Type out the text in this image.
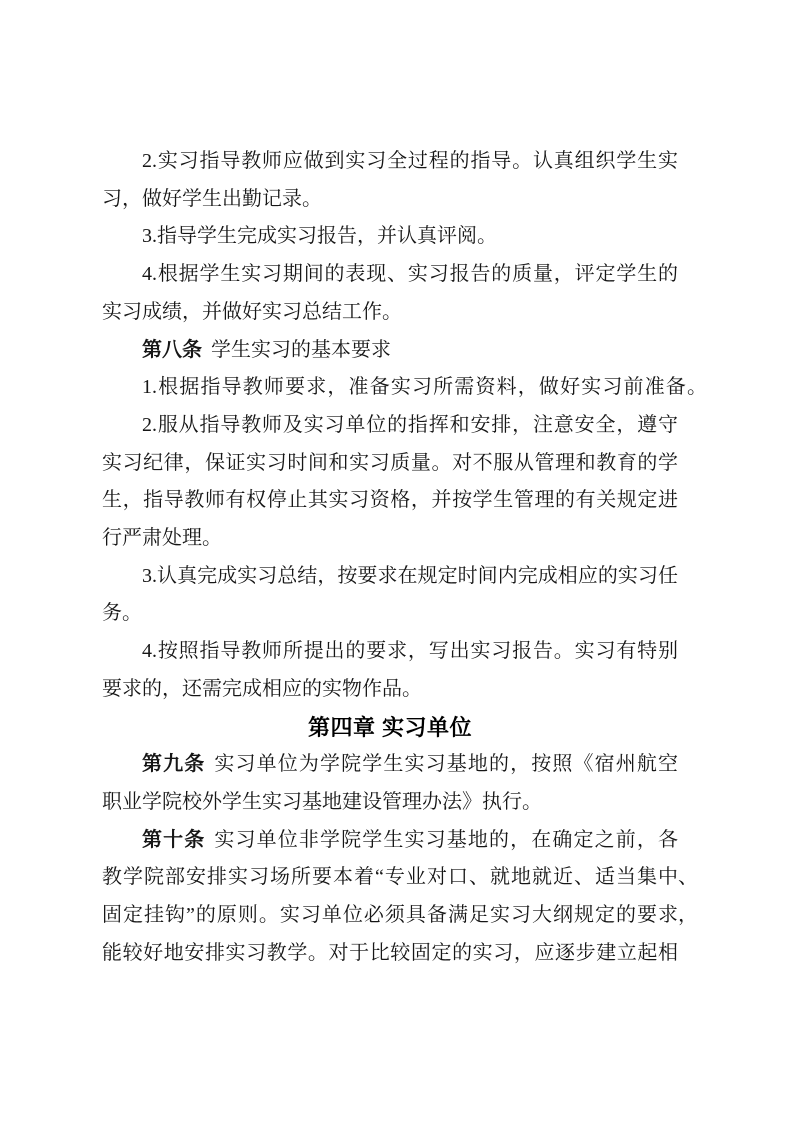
2.实习指导教师应做到实习全过程的指导。认真组织学生实
习，做好学生出勤记录。
3.指导学生完成实习报告，并认真评阅。
4.根据学生实习期间的表现、实习报告的质量，评定学生的
实习成绩，并做好实习总结工作。
第八条 学生实习的基本要求
1.根据指导教师要求，准备实习所需资料，做好实习前准备。
2.服从指导教师及实习单位的指挥和安排，注意安全，遵守
实习纪律，保证实习时间和实习质量。对不服从管理和教育的学
生，指导教师有权停止其实习资格，并按学生管理的有关规定进
行严肃处理。
3.认真完成实习总结，按要求在规定时间内完成相应的实习任
务。
4.按照指导教师所提出的要求，写出实习报告。实习有特别
要求的，还需完成相应的实物作品。
第四章 实习单位
第九条 实习单位为学院学生实习基地的，按照《宿州航空
职业学院校外学生实习基地建设管理办法》执行。
第十条 实习单位非学院学生实习基地的，在确定之前，各
教学院部安排实习场所要本着“专业对口、就地就近、适当集中 、
固定挂钩”的原则。实习单位必须具备满足实习大纲规定的要求 ，
能较好地安排实习教学。对于比较固定的实习，应逐步建立起相
